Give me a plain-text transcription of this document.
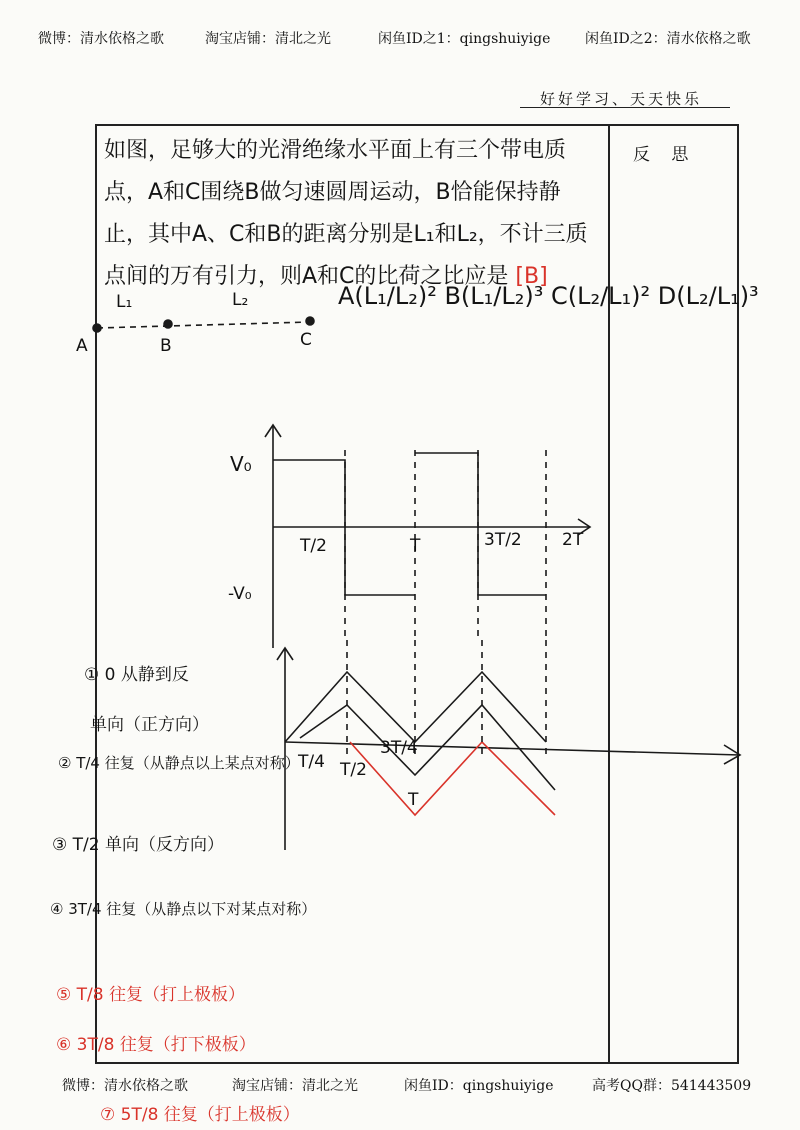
微博：清水依格之歌	淘宝店铺：清北之光	闲鱼ID之1：qingshuiyige 闲鱼ID之2：清水依格之歌
好好学习、天天快乐
反 思
如图，足够大的光滑绝缘水平面上有三个带电质点，A和C围绕B做匀速圆周运动，B恰能保持静止，其中A、C和B的距离分别是L₁和L₂，不计三质点间的万有引力，则A和C的比荷之比应是 [B]
A(L₁/L₂)² B(L₁/L₂)³ C(L₂/L₁)² D(L₂/L₁)³
L₁	L₂
A	B	C
V₀
-V₀
T/2	T	3T/2 2T
T/4 T/2
3T/4
T
① 0 从静到反
单向（正方向）
② T/4 往复（从静点以上某点对称）
③ T/2 单向（反方向）
④ 3T/4 往复（从静点以下对某点对称）
⑤ T/8 往复（打上极板）
⑥ 3T/8 往复（打下极板）
⑦ 5T/8 往复（打上极板）
微博：清水依格之歌	淘宝店铺：清北之光	闲鱼ID：qingshuiyige	高考QQ群：541443509
